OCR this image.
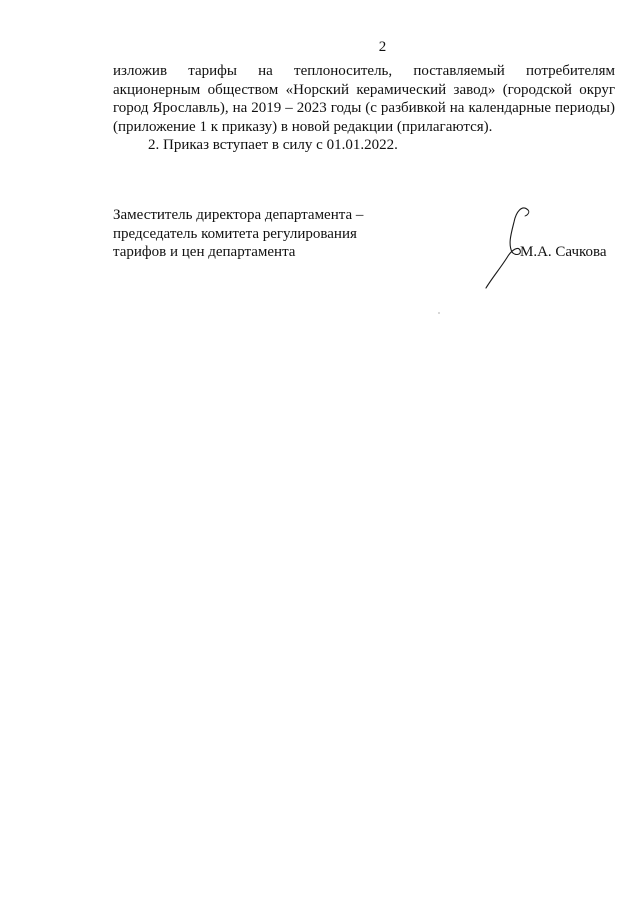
2

изложив тарифы на теплоноситель, поставляемый потребителям акционерным обществом «Норский керамический завод» (городской округ город Ярославль), на 2019 – 2023 годы (с разбивкой на календарные периоды) (приложение 1 к приказу) в новой редакции (прилагаются).

2. Приказ вступает в силу с 01.01.2022.

Заместитель директора департамента –
председатель комитета регулирования
тарифов и цен департамента	М.А. Сачкова
